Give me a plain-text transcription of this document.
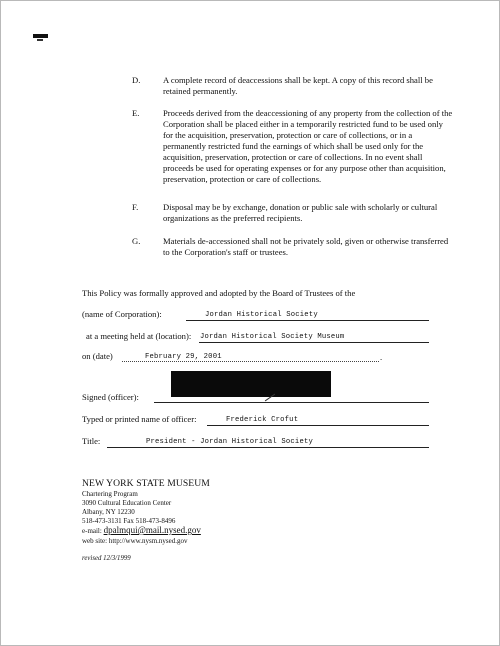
D.	A complete record of deaccessions shall be kept. A copy of this record shall be retained permanently.
E.	Proceeds derived from the deaccessioning of any property from the collection of the Corporation shall be placed either in a temporarily restricted fund to be used only for the acquisition, preservation, protection or care of collections, or in a permanently restricted fund the earnings of which shall be used only for the acquisition, preservation, protection or care of collections. In no event shall proceeds be used for operating expenses or for any purpose other than acquisition, preservation, protection or care of collections.
F.	Disposal may be by exchange, donation or public sale with scholarly or cultural organizations as the preferred recipients.
G.	Materials de-accessioned shall not be privately sold, given or otherwise transferred to the Corporation's staff or trustees.
This Policy was formally approved and adopted by the Board of Trustees of the
(name of Corporation):	Jordan Historical Society
at a meeting held at (location): Jordan Historical Society Museum
on (date)	February 29, 2001	.
Signed (officer):
Typed or printed name of officer:	Frederick Crofut
Title:	President - Jordan Historical Society
NEW YORK STATE MUSEUM
Chartering Program
3090 Cultural Education Center
Albany, NY 12230
518-473-3131 Fax 518-473-8496
e-mail: dpalmqui@mail.nysed.gov
web site: http://www.nysm.nysed.gov
revised 12/3/1999
